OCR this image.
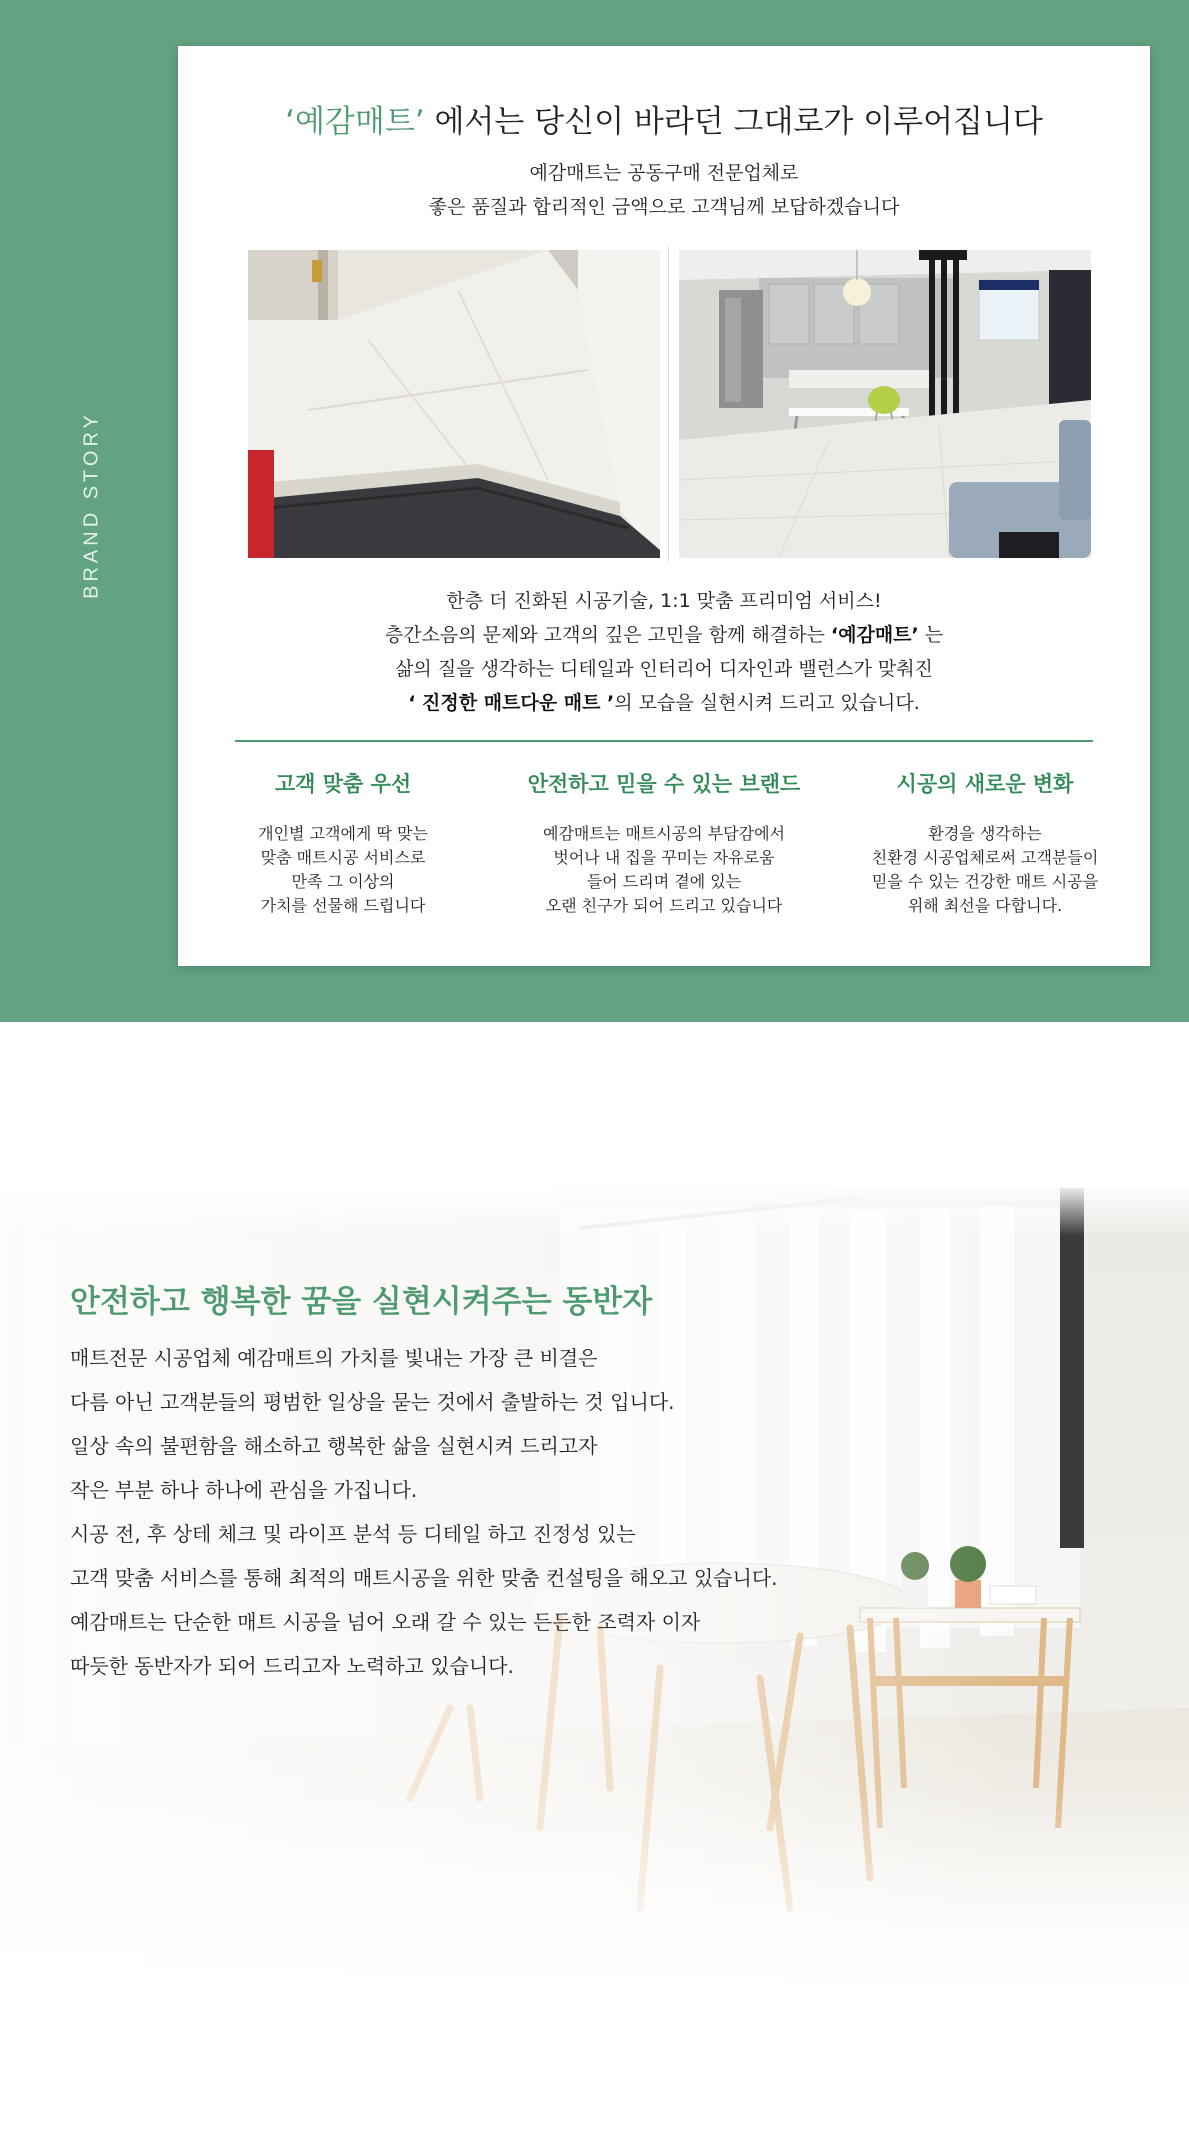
BRAND STORY
‘예감매트’ 에서는 당신이 바라던 그대로가 이루어집니다
예감매트는 공동구매 전문업체로
좋은 품질과 합리적인 금액으로 고객님께 보답하겠습니다
한층 더 진화된 시공기술, 1:1 맞춤 프리미엄 서비스!
층간소음의 문제와 고객의 깊은 고민을 함께 해결하는 ‘예감매트’ 는
삶의 질을 생각하는 디테일과 인터리어 디자인과 밸런스가 맞춰진
‘ 진정한 매트다운 매트 ’의 모습을 실현시켜 드리고 있습니다.
고객 맞춤 우선
개인별 고객에게 딱 맞는
맞춤 매트시공 서비스로
만족 그 이상의
가치를 선물해 드립니다
안전하고 믿을 수 있는 브랜드
예감매트는 매트시공의 부담감에서
벗어나 내 집을 꾸미는 자유로움
들어 드리며 곁에 있는
오랜 친구가 되어 드리고 있습니다
시공의 새로운 변화
환경을 생각하는
친환경 시공업체로써 고객분들이
믿을 수 있는 건강한 매트 시공을
위해 최선을 다합니다.
안전하고 행복한 꿈을 실현시켜주는 동반자
매트전문 시공업체 예감매트의 가치를 빛내는 가장 큰 비결은
다름 아닌 고객분들의 평범한 일상을 묻는 것에서 출발하는 것 입니다.
일상 속의 불편함을 해소하고 행복한 삶을 실현시켜 드리고자
작은 부분 하나 하나에 관심을 가집니다.
시공 전, 후 상테 체크 및 라이프 분석 등 디테일 하고 진정성 있는
고객 맞춤 서비스를 통해 최적의 매트시공을 위한 맞춤 컨설팅을 해오고 있습니다.
예감매트는 단순한 매트 시공을 넘어 오래 갈 수 있는 든든한 조력자 이자
따듯한 동반자가 되어 드리고자 노력하고 있습니다.
